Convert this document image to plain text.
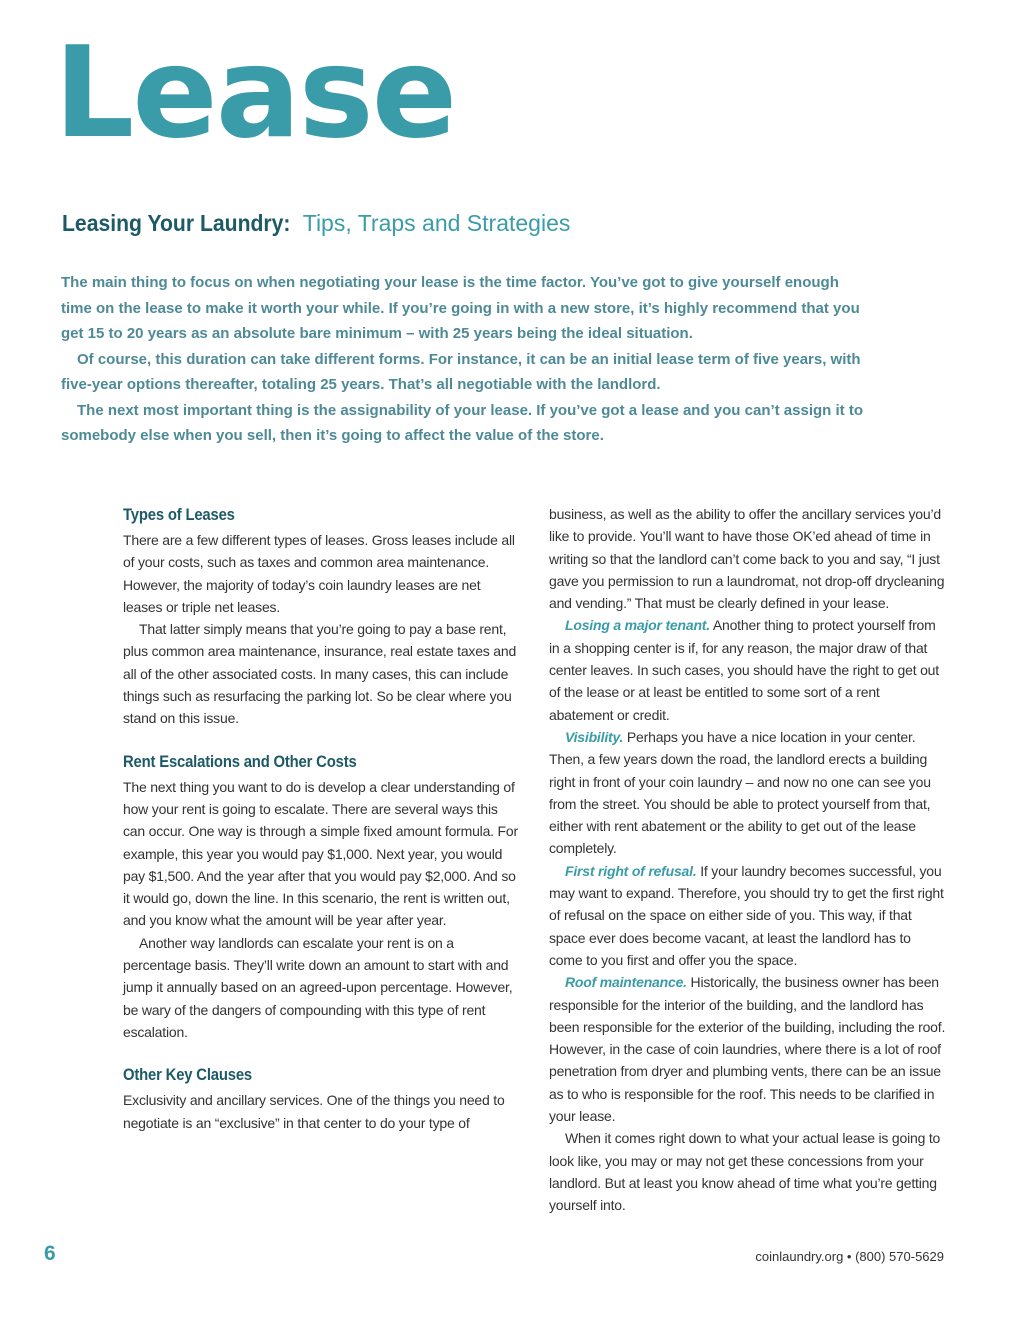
Lease
Leasing Your Laundry: Tips, Traps and Strategies

The main thing to focus on when negotiating your lease is the time factor. You’ve got to give yourself enough time on the lease to make it worth your while. If you’re going in with a new store, it’s highly recommend that you get 15 to 20 years as an absolute bare minimum – with 25 years being the ideal situation.

Of course, this duration can take different forms. For instance, it can be an initial lease term of five years, with five-year options thereafter, totaling 25 years. That’s all negotiable with the landlord.

The next most important thing is the assignability of your lease. If you’ve got a lease and you can’t assign it to somebody else when you sell, then it’s going to affect the value of the store.

Types of Leases

There are a few different types of leases. Gross leases include all of your costs, such as taxes and common area maintenance. However, the majority of today’s coin laundry leases are net leases or triple net leases.

That latter simply means that you’re going to pay a base rent, plus common area maintenance, insurance, real estate taxes and all of the other associated costs. In many cases, this can include things such as resurfacing the parking lot. So be clear where you stand on this issue.

Rent Escalations and Other Costs

The next thing you want to do is develop a clear understanding of how your rent is going to escalate. There are several ways this can occur. One way is through a simple fixed amount formula. For example, this year you would pay $1,000. Next year, you would pay $1,500. And the year after that you would pay $2,000. And so it would go, down the line. In this scenario, the rent is written out, and you know what the amount will be year after year.

Another way landlords can escalate your rent is on a percentage basis. They’ll write down an amount to start with and jump it annually based on an agreed-upon percentage. However, be wary of the dangers of compounding with this type of rent escalation.

Other Key Clauses

Exclusivity and ancillary services. One of the things you need to negotiate is an “exclusive” in that center to do your type of

business, as well as the ability to offer the ancillary services you’d like to provide. You’ll want to have those OK’ed ahead of time in writing so that the landlord can’t come back to you and say, “I just gave you permission to run a laundromat, not drop-off drycleaning and vending.” That must be clearly defined in your lease.

Losing a major tenant. Another thing to protect yourself from in a shopping center is if, for any reason, the major draw of that center leaves. In such cases, you should have the right to get out of the lease or at least be entitled to some sort of a rent abatement or credit.

Visibility. Perhaps you have a nice location in your center. Then, a few years down the road, the landlord erects a building right in front of your coin laundry – and now no one can see you from the street. You should be able to protect yourself from that, either with rent abatement or the ability to get out of the lease completely.

First right of refusal. If your laundry becomes successful, you may want to expand. Therefore, you should try to get the first right of refusal on the space on either side of you. This way, if that space ever does become vacant, at least the landlord has to come to you first and offer you the space.

Roof maintenance. Historically, the business owner has been responsible for the interior of the building, and the landlord has been responsible for the exterior of the building, including the roof. However, in the case of coin laundries, where there is a lot of roof penetration from dryer and plumbing vents, there can be an issue as to who is responsible for the roof. This needs to be clarified in your lease.

When it comes right down to what your actual lease is going to look like, you may or may not get these concessions from your landlord. But at least you know ahead of time what you’re getting yourself into.

6	coinlaundry.org • (800) 570-5629
